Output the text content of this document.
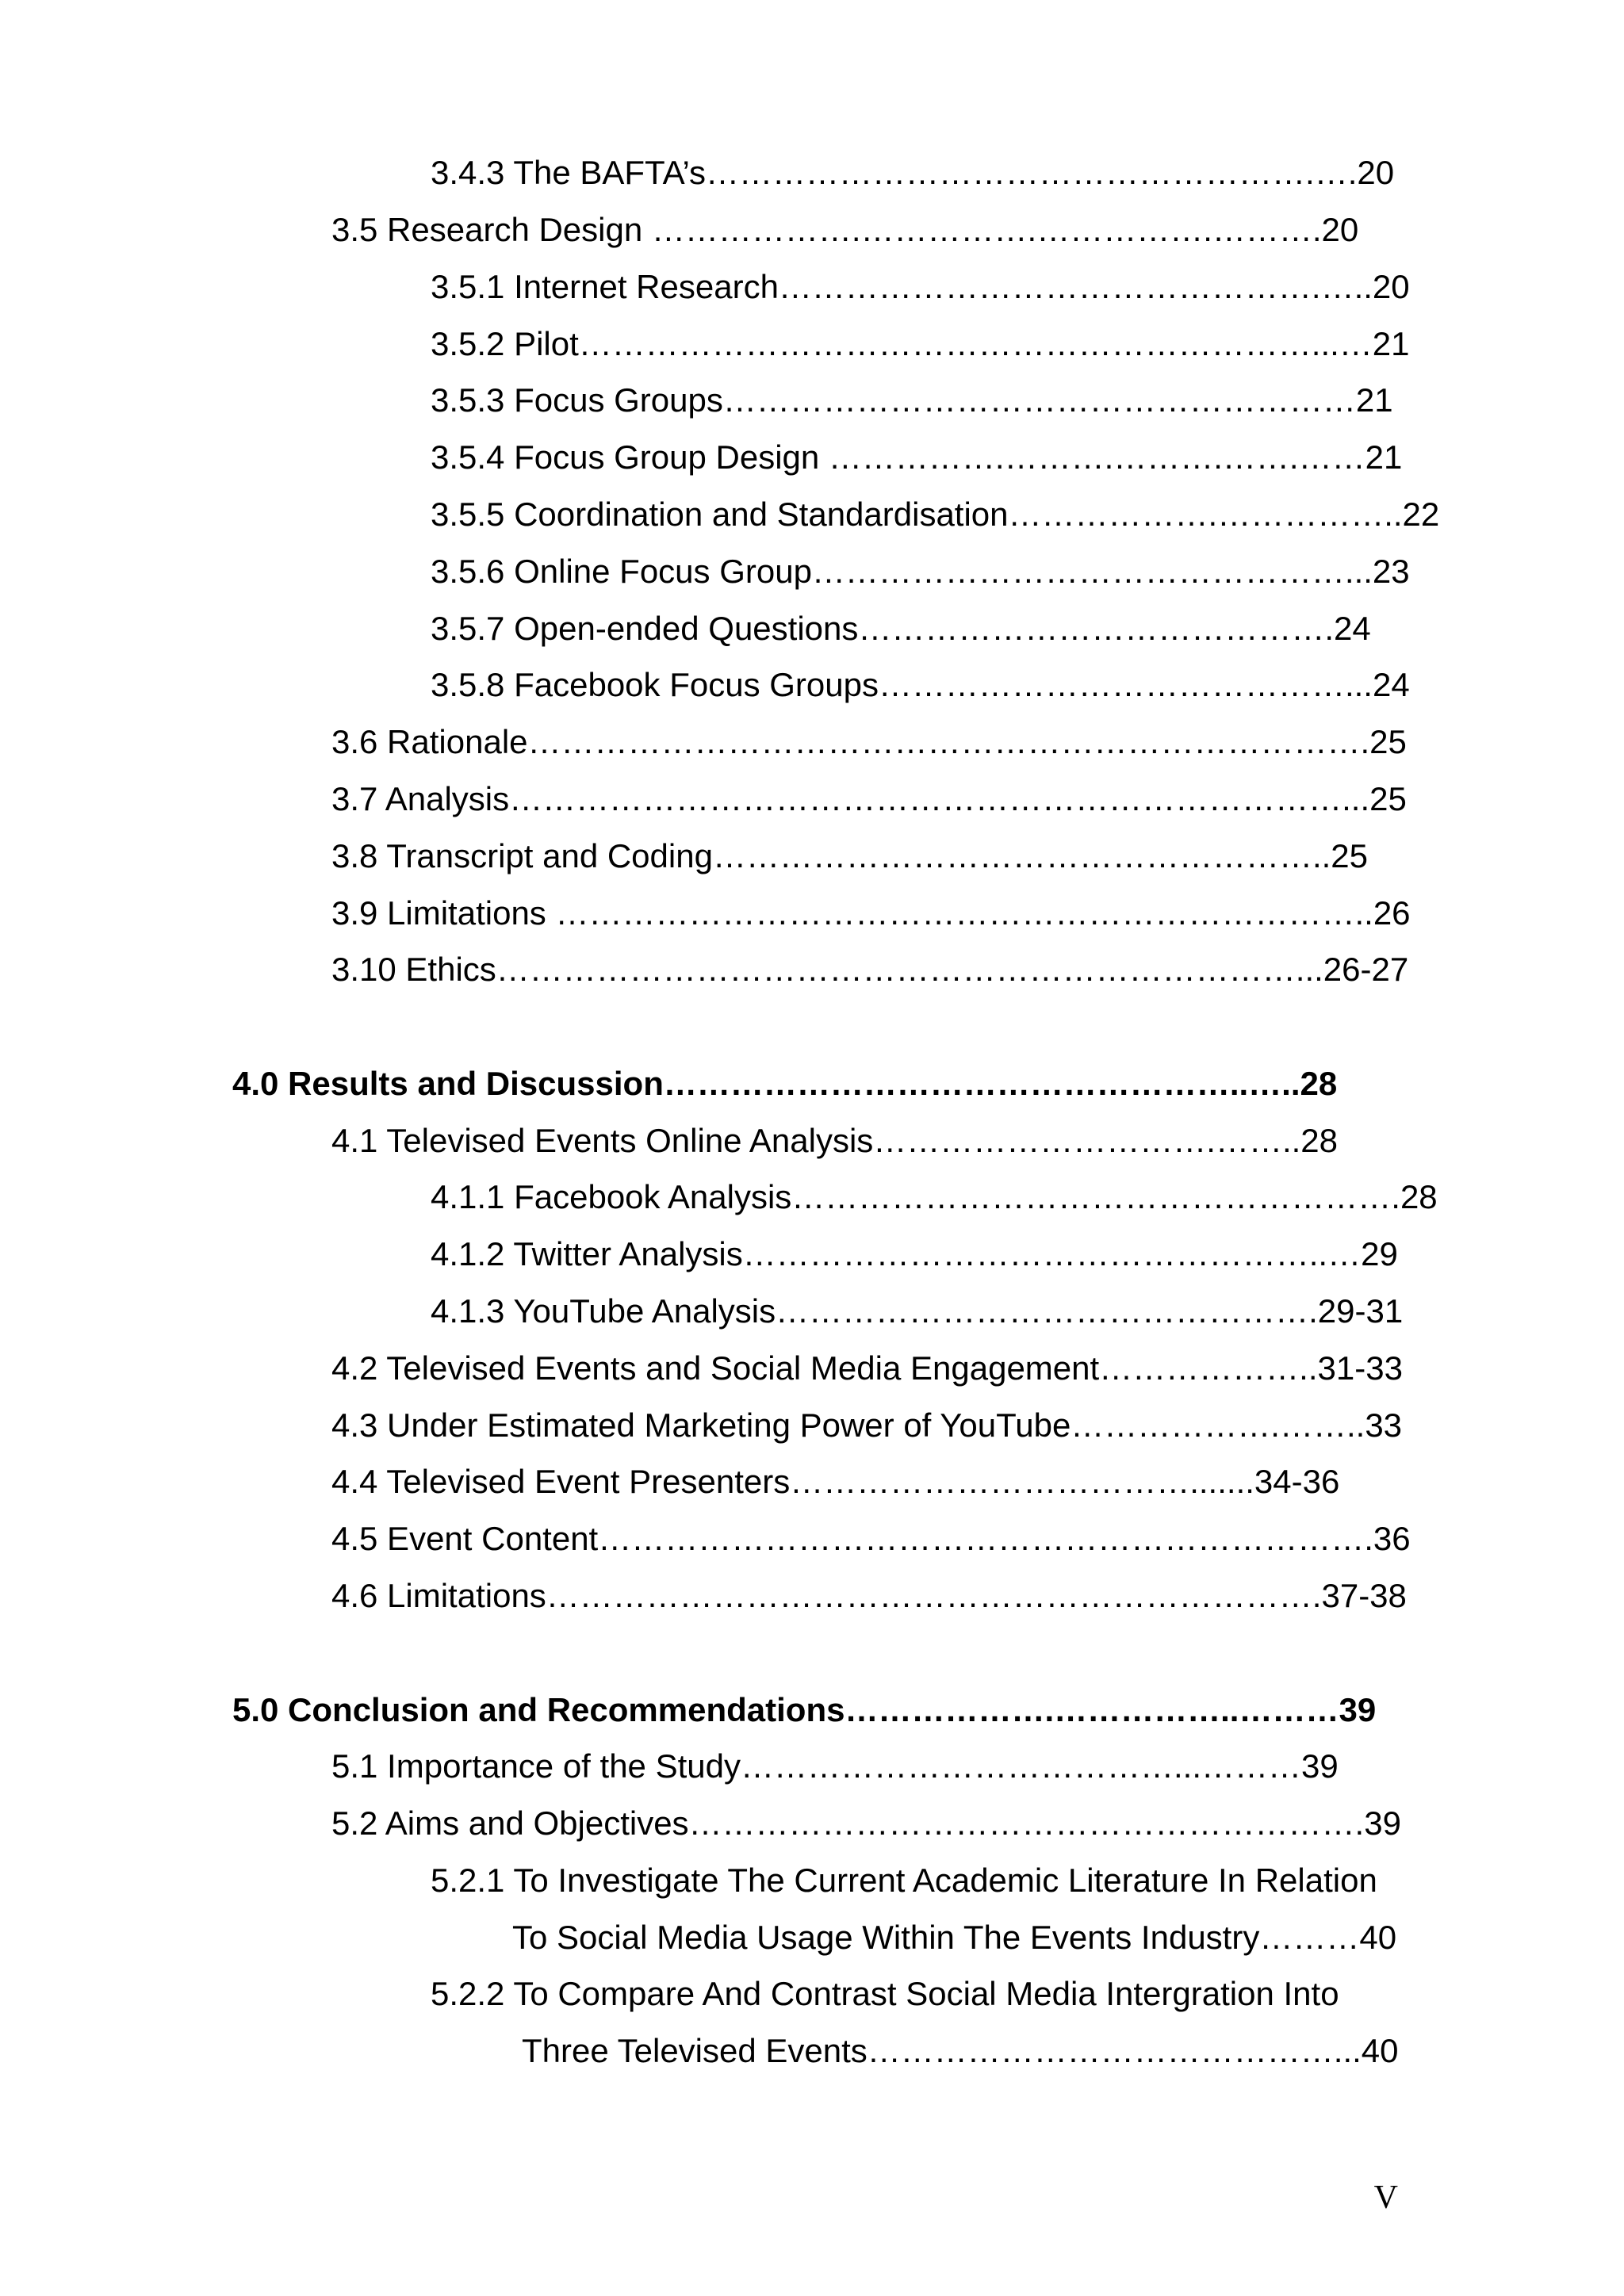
3.4.3 The BAFTA’s……………………………………………….….20
3.5 Research Design ……………….…………….…………….……….20
3.5.1 Internet Research………………………………………….…..20
3.5.2 Pilot…………………………………………………………...…21
3.5.3 Focus Groups…………………………………………………21
3.5.4 Focus Group Design …………….……….……….…….……21
3.5.5 Coordination and Standardisation……………….……………..22
3.5.6 Online Focus Group…………………………………………...23
3.5.7 Open-ended Questions…………………………………….24
3.5.8 Facebook Focus Groups……………………………………...24
3.6 Rationale………………………………………………………………….25
3.7 Analysis…………………………………………………………………...25
3.8 Transcript and Coding………………………………………………..25
3.9 Limitations ………………………………………………………………..26
3.10 Ethics………………………………………………………………...26-27
4.0 Results and Discussion……………………………………………..…..28
4.1 Televised Events Online Analysis………………………….……..28
4.1.1 Facebook Analysis……………………………………………….28
4.1.2 Twitter Analysis……………………………………………..…29
4.1.3 YouTube Analysis………………………………………….29-31
4.2 Televised Events and Social Media Engagement………………..31-33
4.3 Under Estimated Marketing Power of YouTube……………….……..33
4.4 Televised Event Presenters……………………………….......34-36
4.5 Event Content…………………………………………………………….36
4.6 Limitations…………………………………………………………….37-38
5.0 Conclusion and Recommendations……………….……………..………39
5.1 Importance of the Study…………………………………...………39
5.2 Aims and Objectives…………………………………………………….39
5.2.1 To Investigate The Current Academic Literature In Relation
To Social Media Usage Within The Events Industry………40
5.2.2 To Compare And Contrast Social Media Intergration Into
Three Televised Events……………………………………...40
V
